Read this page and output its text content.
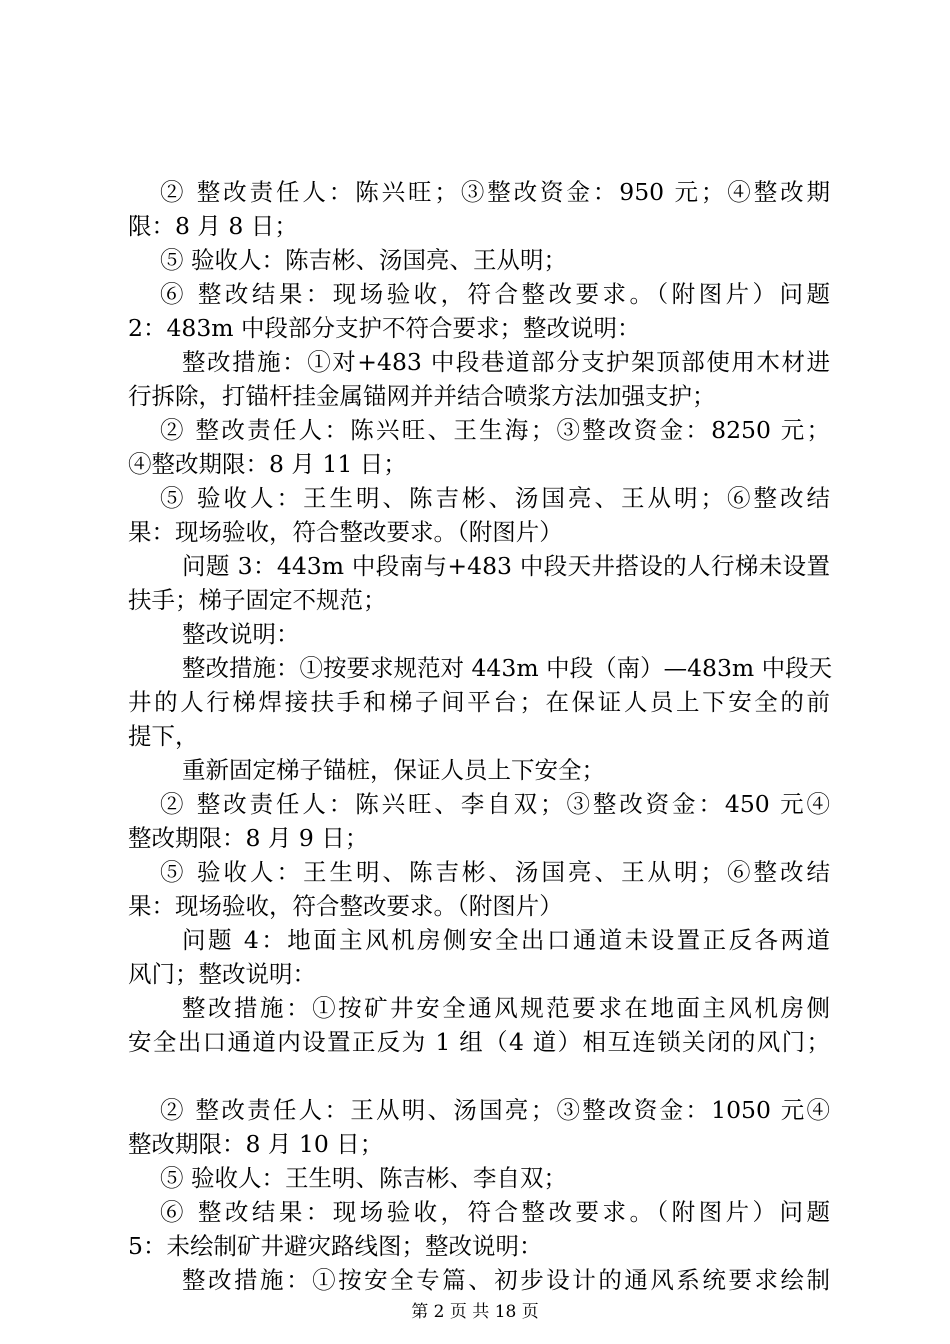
② 整改责任人：陈兴旺；③整改资金：950 元；④整改期
限：8 月 8 日；
⑤ 验收人：陈吉彬、汤国亮、王从明；
⑥ 整改结果：现场验收，符合整改要求。（附图片）问题
2：483m 中段部分支护不符合要求；整改说明：
整改措施：①对+483 中段巷道部分支护架顶部使用木材进
行拆除，打锚杆挂金属锚网并并结合喷浆方法加强支护；
② 整改责任人：陈兴旺、王生海；③整改资金：8250 元；
④整改期限：8 月 11 日；
⑤ 验收人：王生明、陈吉彬、汤国亮、王从明；⑥整改结
果：现场验收，符合整改要求。（附图片）
问题 3：443m 中段南与+483 中段天井搭设的人行梯未设置
扶手；梯子固定不规范；
整改说明：
整改措施：①按要求规范对 443m 中段（南）—483m 中段天
井的人行梯焊接扶手和梯子间平台；在保证人员上下安全的前
提下，
重新固定梯子锚桩，保证人员上下安全；
② 整改责任人：陈兴旺、李自双；③整改资金：450 元④
整改期限：8 月 9 日；
⑤ 验收人：王生明、陈吉彬、汤国亮、王从明；⑥整改结
果：现场验收，符合整改要求。（附图片）
问题 4：地面主风机房侧安全出口通道未设置正反各两道
风门；整改说明：
整改措施：①按矿井安全通风规范要求在地面主风机房侧
安全出口通道内设置正反为 1 组（4 道）相互连锁关闭的风门；
② 整改责任人：王从明、汤国亮；③整改资金：1050 元④
整改期限：8 月 10 日；
⑤ 验收人：王生明、陈吉彬、李自双；
⑥ 整改结果：现场验收，符合整改要求。（附图片）问题
5：未绘制矿井避灾路线图；整改说明：
整改措施：①按安全专篇、初步设计的通风系统要求绘制
第 2 页 共 18 页
